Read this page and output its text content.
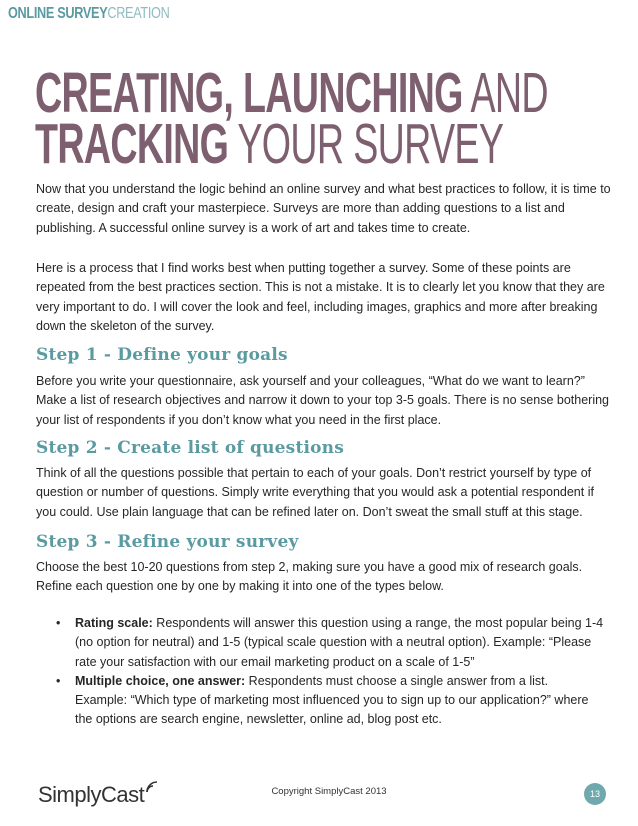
ONLINE SURVEYCREATION
CREATING, LAUNCHING AND
TRACKING YOUR SURVEY

Now that you understand the logic behind an online survey and what best practices to follow, it is time to create, design and craft your masterpiece. Surveys are more than adding questions to a list and publishing. A successful online survey is a work of art and takes time to create.

Here is a process that I find works best when putting together a survey. Some of these points are repeated from the best practices section. This is not a mistake. It is to clearly let you know that they are very important to do. I will cover the look and feel, including images, graphics and more after breaking down the skeleton of the survey.

Step 1 - Define your goals
Before you write your questionnaire, ask yourself and your colleagues, “What do we want to learn?” Make a list of research objectives and narrow it down to your top 3-5 goals. There is no sense bothering your list of respondents if you don’t know what you need in the first place.
Step 2 - Create list of questions
Think of all the questions possible that pertain to each of your goals. Don’t restrict yourself by type of question or number of questions. Simply write everything that you would ask a potential respondent if you could. Use plain language that can be refined later on. Don’t sweat the small stuff at this stage.
Step 3 - Refine your survey
Choose the best 10-20 questions from step 2, making sure you have a good mix of research goals. Refine each question one by one by making it into one of the types below.
• Rating scale: Respondents will answer this question using a range, the most popular being 1-4 (no option for neutral) and 1-5 (typical scale question with a neutral option). Example: “Please rate your satisfaction with our email marketing product on a scale of 1-5”
• Multiple choice, one answer: Respondents must choose a single answer from a list.
Example: “Which type of marketing most influenced you to sign up to our application?” where the options are search engine, newsletter, online ad, blog post etc.
SimplyCast	Copyright SimplyCast 2013	13
